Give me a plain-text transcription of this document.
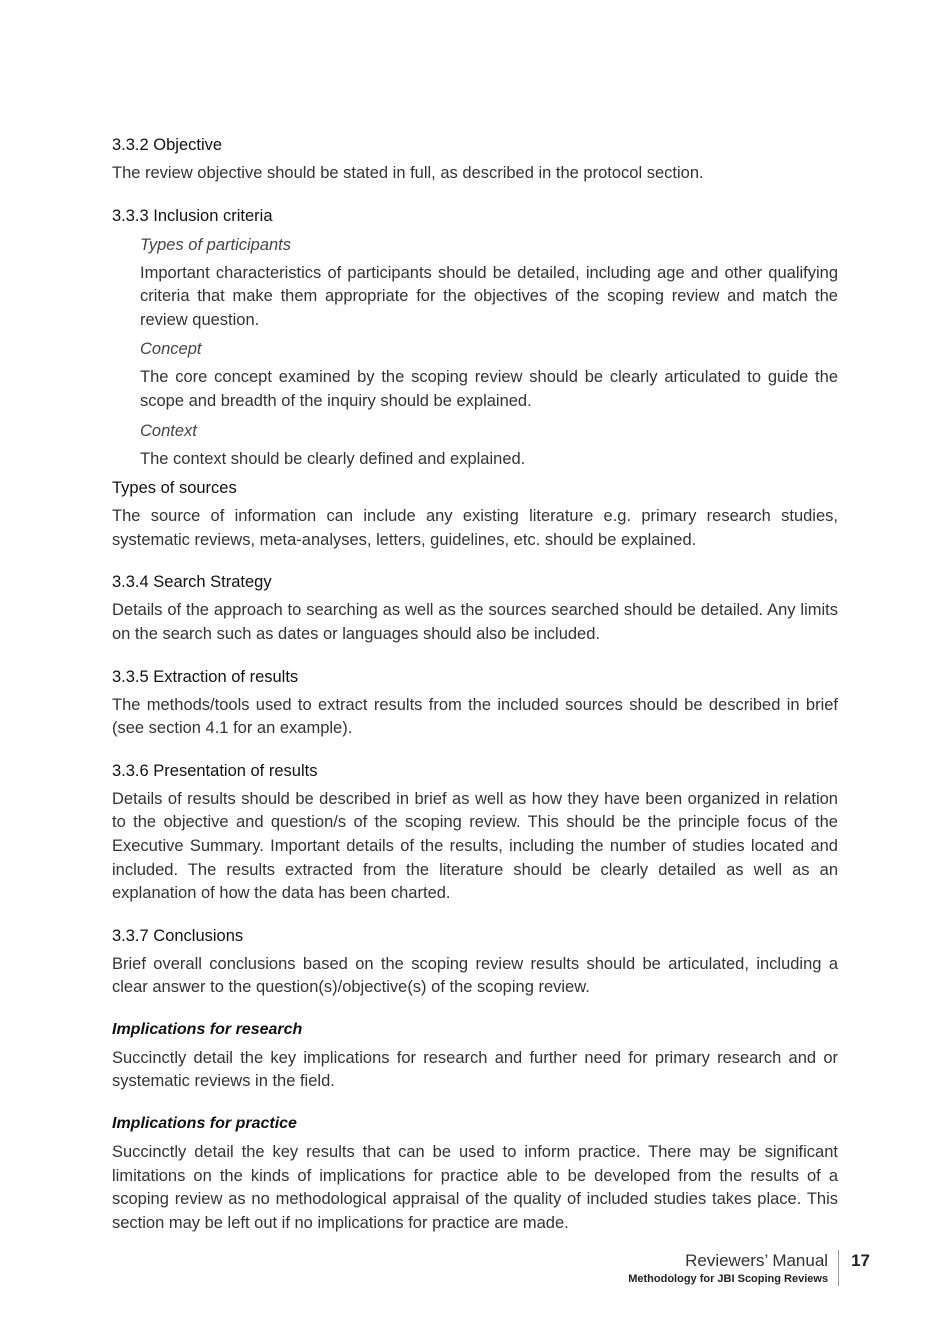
3.3.2 Objective

The review objective should be stated in full, as described in the protocol section.

3.3.3 Inclusion criteria
Types of participants

Important characteristics of participants should be detailed, including age and other qualifying criteria that make them appropriate for the objectives of the scoping review and match the review question.

Concept

The core concept examined by the scoping review should be clearly articulated to guide the scope and breadth of the inquiry should be explained.

Context

The context should be clearly defined and explained.

Types of sources

The source of information can include any existing literature e.g. primary research studies, systematic reviews, meta-analyses, letters, guidelines, etc. should be explained.

3.3.4 Search Strategy

Details of the approach to searching as well as the sources searched should be detailed. Any limits on the search such as dates or languages should also be included.

3.3.5 Extraction of results

The methods/tools used to extract results from the included sources should be described in brief (see section 4.1 for an example).

3.3.6 Presentation of results

Details of results should be described in brief as well as how they have been organized in relation to the objective and question/s of the scoping review. This should be the principle focus of the Executive Summary. Important details of the results, including the number of studies located and included. The results extracted from the literature should be clearly detailed as well as an explanation of how the data has been charted.

3.3.7 Conclusions

Brief overall conclusions based on the scoping review results should be articulated, including a clear answer to the question(s)/objective(s) of the scoping review.

Implications for research

Succinctly detail the key implications for research and further need for primary research and or systematic reviews in the field.

Implications for practice

Succinctly detail the key results that can be used to inform practice. There may be significant limitations on the kinds of implications for practice able to be developed from the results of a scoping review as no methodological appraisal of the quality of included studies takes place. This section may be left out if no implications for practice are made.

Reviewers’ Manual
Methodology for JBI Scoping Reviews
17
